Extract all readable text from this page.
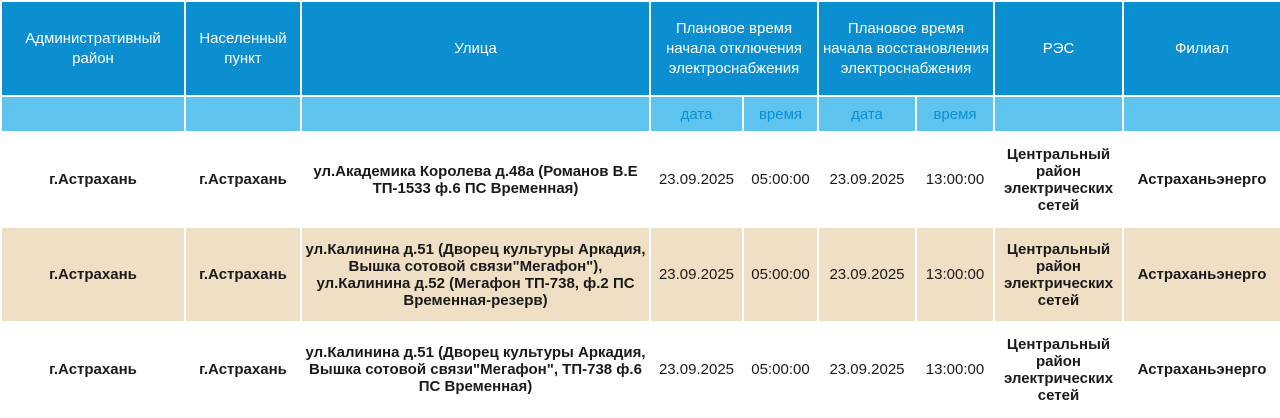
Административный район	Населенный пункт	Улица	Плановое время начала отключения электроснабжения		Плановое время начала восстановления электроснабжения		РЭС	Филиал
			дата	время	дата	время		
г.Астрахань	г.Астрахань	ул.Академика Королева д.48а (Романов В.Е ТП-1533 ф.6 ПС Временная)	23.09.2025	05:00:00	23.09.2025	13:00:00	Центральный район электрических сетей	Астраханьэнерго
г.Астрахань	г.Астрахань	ул.Калинина д.51 (Дворец культуры Аркадия, Вышка сотовой связи"Мегафон"), ул.Калинина д.52 (Мегафон ТП-738, ф.2 ПС Временная-резерв)	23.09.2025	05:00:00	23.09.2025	13:00:00	Центральный район электрических сетей	Астраханьэнерго
г.Астрахань	г.Астрахань	ул.Калинина д.51 (Дворец культуры Аркадия, Вышка сотовой связи"Мегафон", ТП-738 ф.6 ПС Временная)	23.09.2025	05:00:00	23.09.2025	13:00:00	Центральный район электрических сетей	Астраханьэнерго
